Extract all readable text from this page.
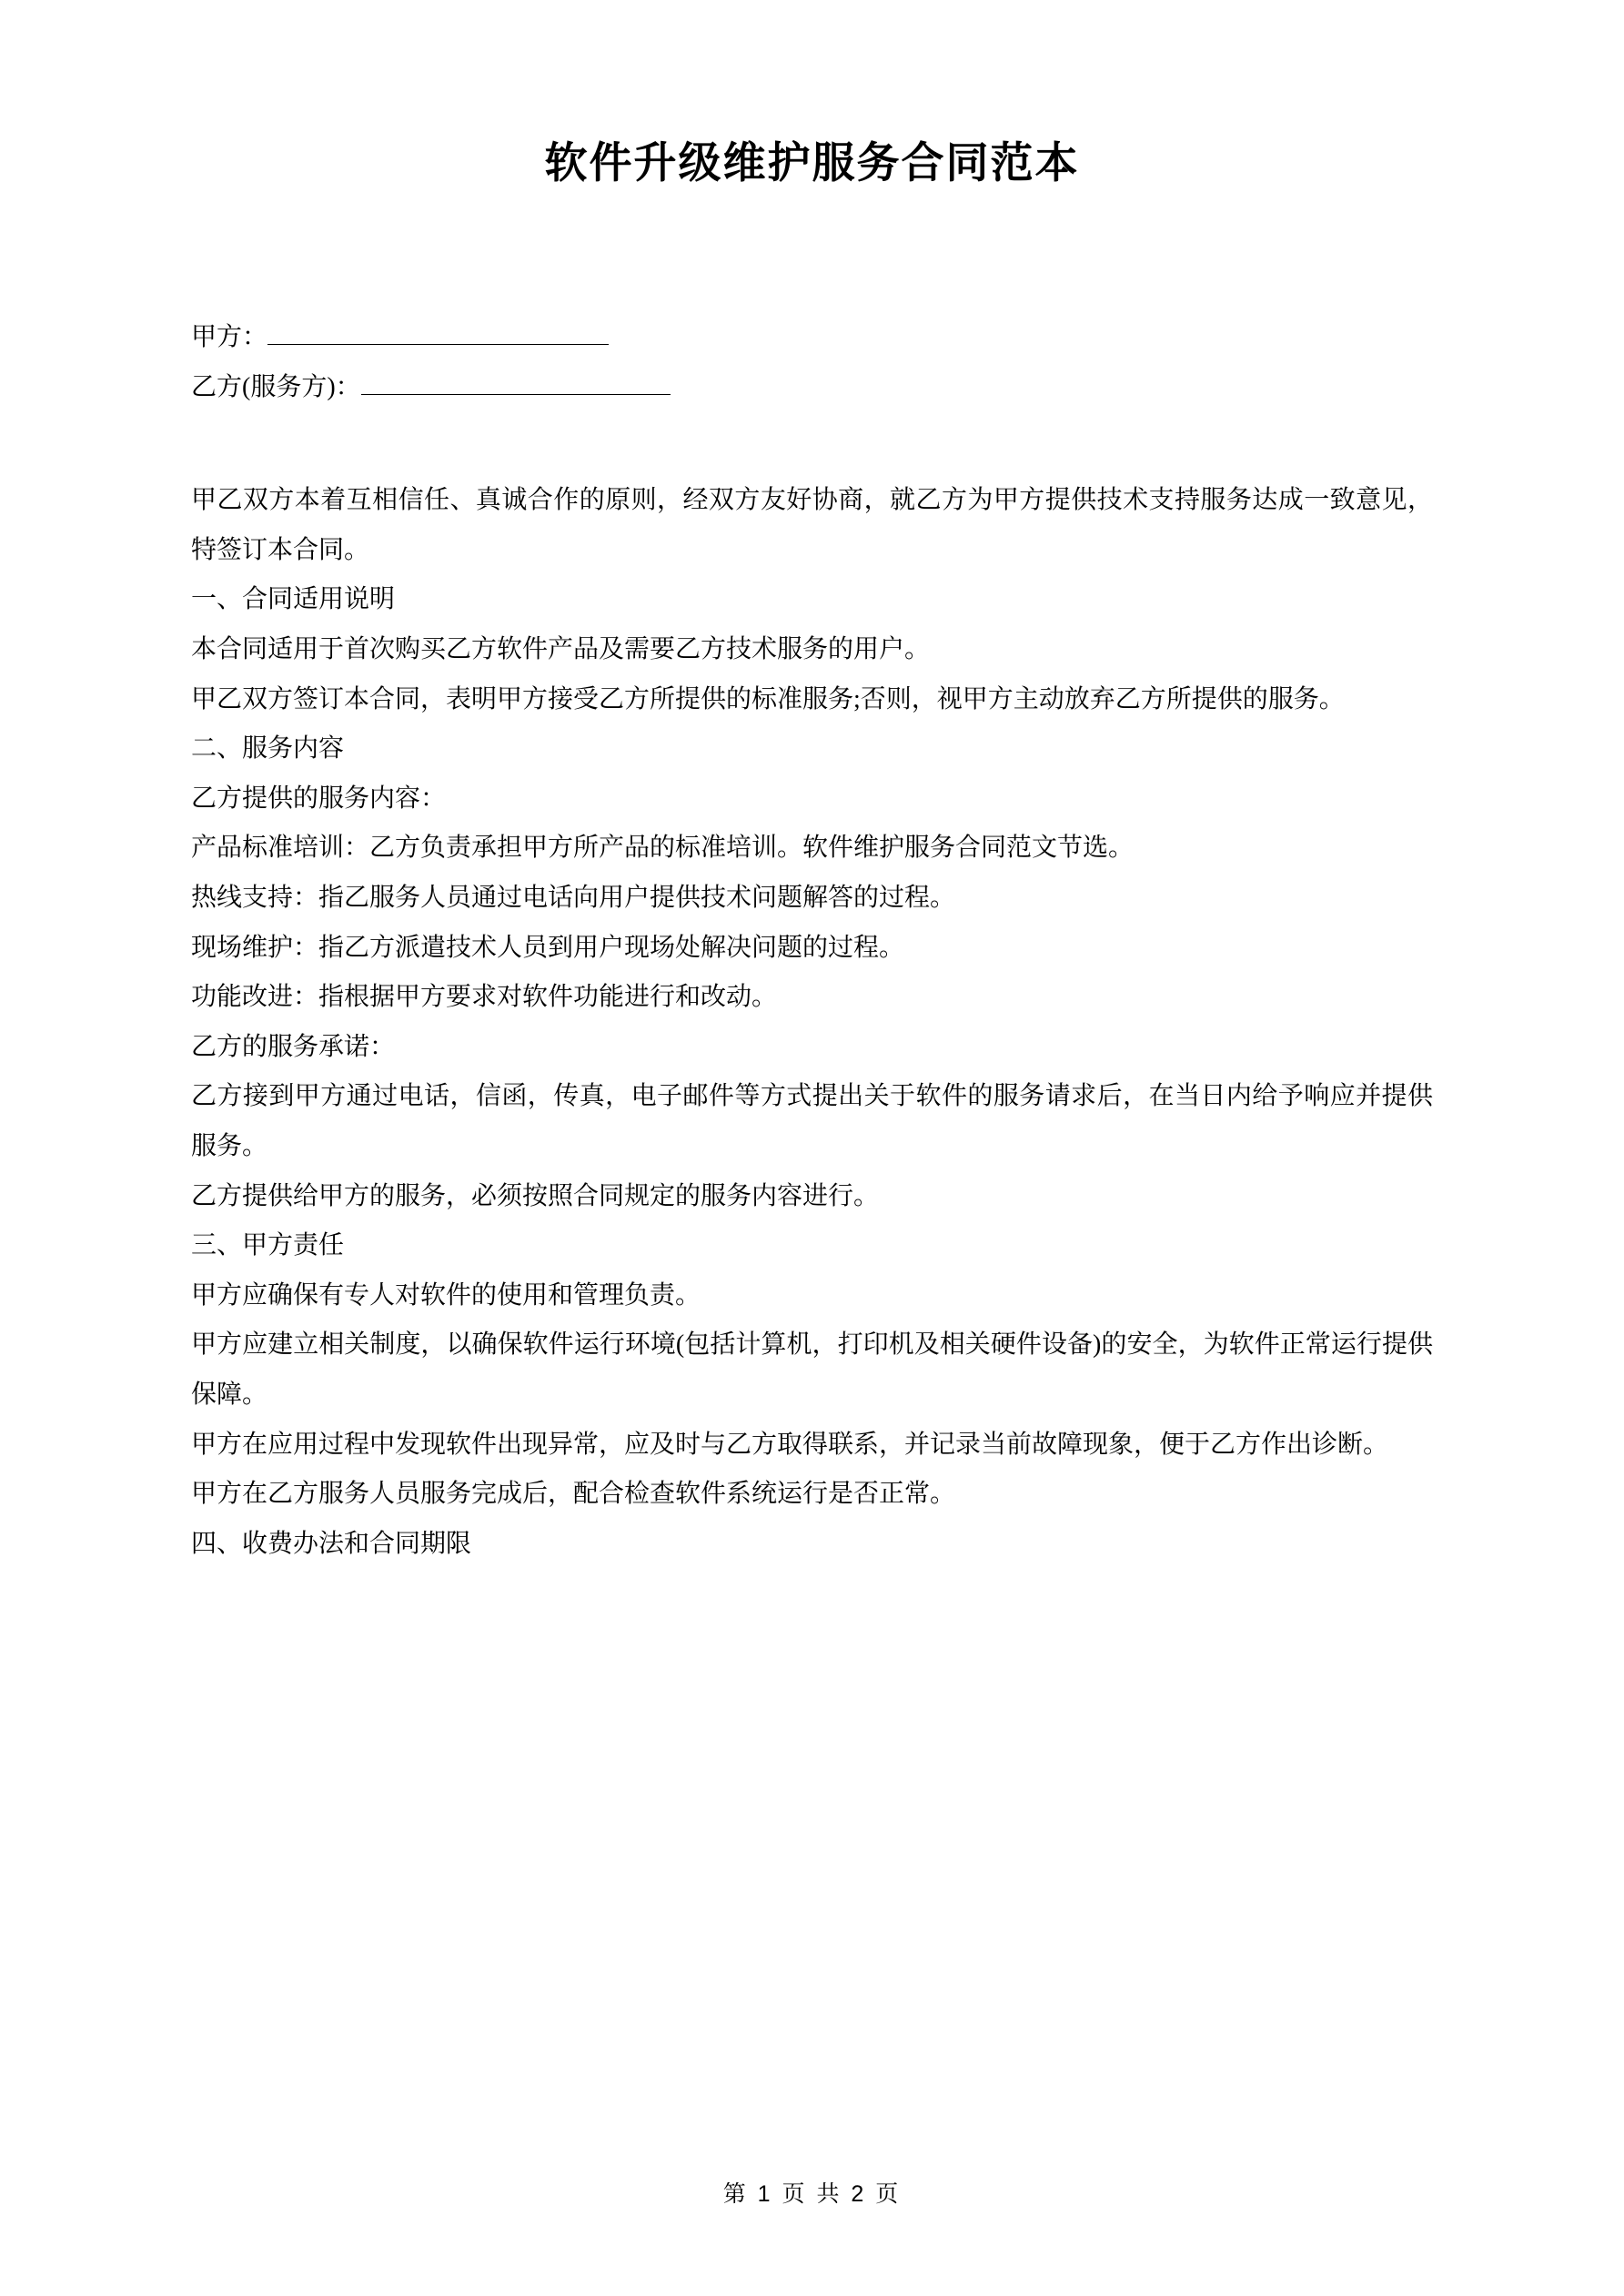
软件升级维护服务合同范本
甲方：
乙方(服务方)：

甲乙双方本着互相信任、真诚合作的原则，经双方友好协商，就乙方为甲方提供技术支持服务达成一致意见，特签订本合同。

一、合同适用说明

本合同适用于首次购买乙方软件产品及需要乙方技术服务的用户。

甲乙双方签订本合同，表明甲方接受乙方所提供的标准服务;否则，视甲方主动放弃乙方所提供的服务。

二、服务内容

乙方提供的服务内容：

产品标准培训：乙方负责承担甲方所产品的标准培训。软件维护服务合同范文节选。

热线支持：指乙服务人员通过电话向用户提供技术问题解答的过程。

现场维护：指乙方派遣技术人员到用户现场处解决问题的过程。

功能改进：指根据甲方要求对软件功能进行和改动。

乙方的服务承诺：

乙方接到甲方通过电话，信函，传真，电子邮件等方式提出关于软件的服务请求后，在当日内给予响应并提供服务。

乙方提供给甲方的服务，必须按照合同规定的服务内容进行。

三、甲方责任

甲方应确保有专人对软件的使用和管理负责。

甲方应建立相关制度，以确保软件运行环境(包括计算机，打印机及相关硬件设备)的安全，为软件正常运行提供保障。

甲方在应用过程中发现软件出现异常，应及时与乙方取得联系，并记录当前故障现象，便于乙方作出诊断。

甲方在乙方服务人员服务完成后，配合检查软件系统运行是否正常。

四、收费办法和合同期限

第 1 页 共 2 页
